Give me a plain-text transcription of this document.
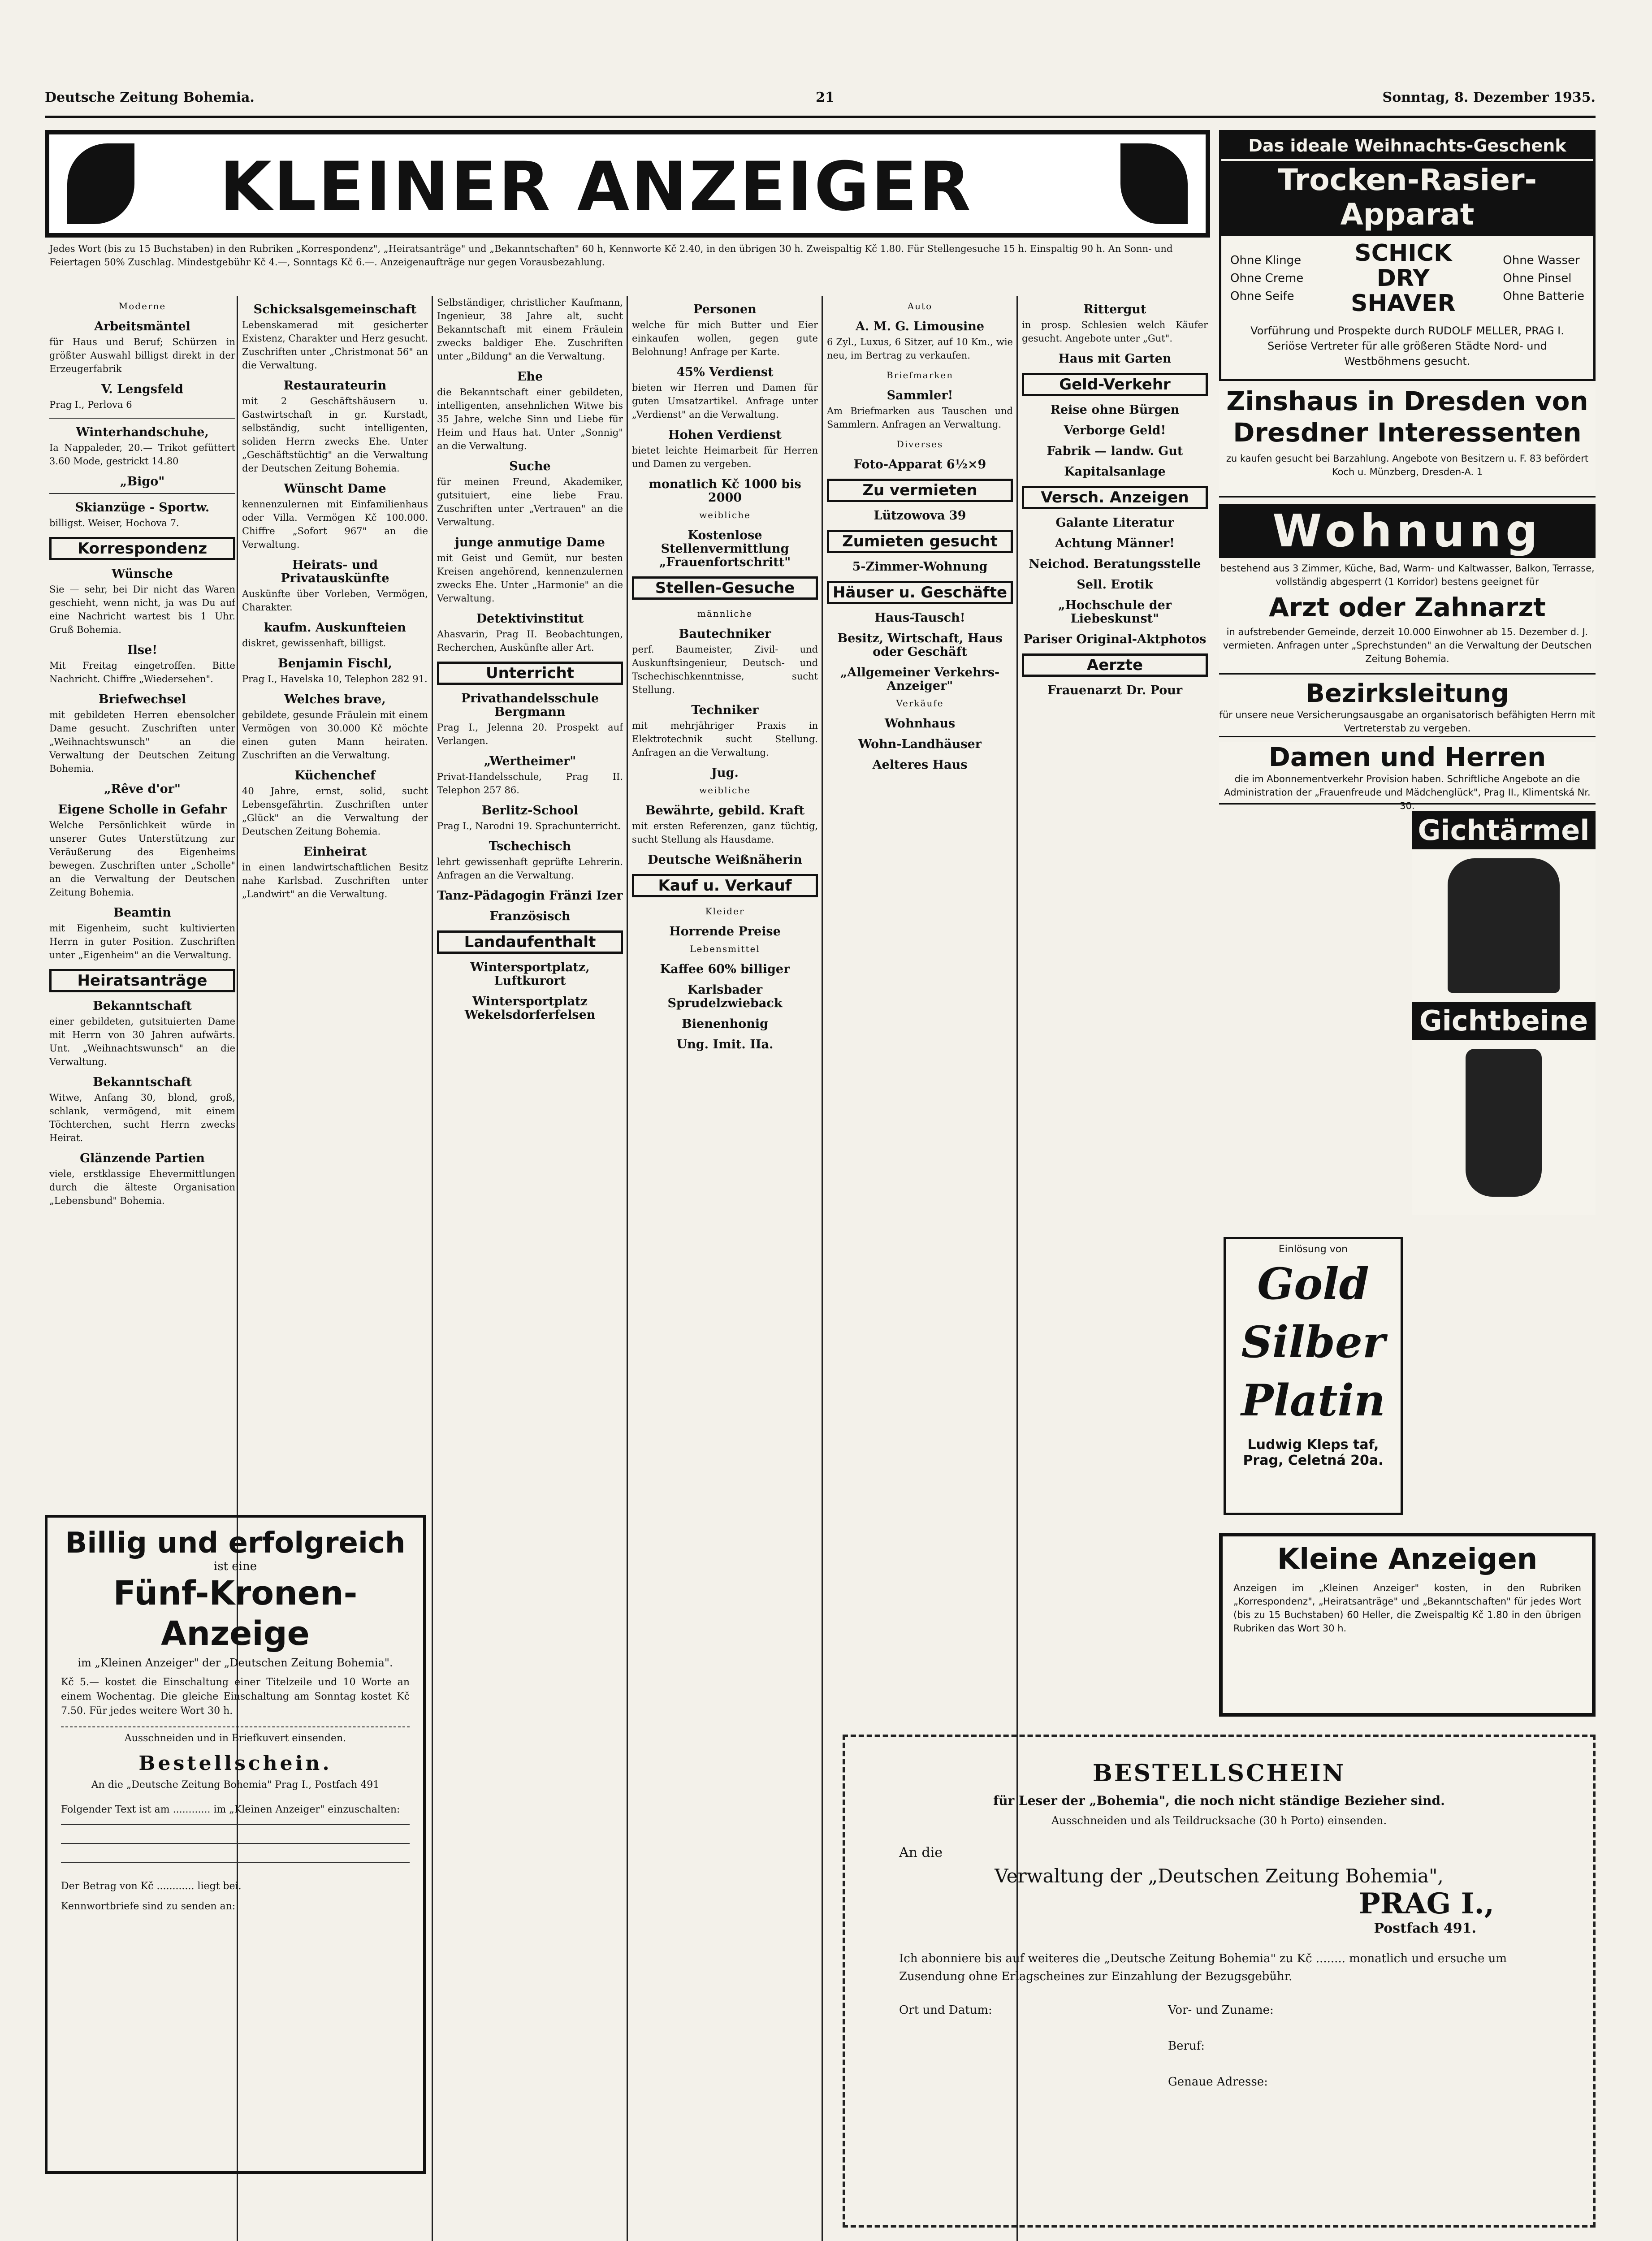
Deutsche Zeitung Bohemia.	21	Sonntag, 8. Dezember 1935.
KLEINER ANZEIGER
Jedes Wort (bis zu 15 Buchstaben) in den Rubriken „Korrespondenz", „Heiratsanträge" und „Bekanntschaften" 60 h, Kennworte Kč 2.40, in den übrigen 30 h. Zweispaltig Kč 1.80. Für Stellengesuche 15 h. Einspaltig 90 h. An Sonn- und Feiertagen 50% Zuschlag. Mindestgebühr Kč 4.—, Sonntags Kč 6.—. Anzeigenaufträge nur gegen Vorausbezahlung.
Moderne
Arbeitsmäntel

für Haus und Beruf; Schürzen in größter Auswahl billigst direkt in der Erzeugerfabrik

V. Lengsfeld

Prag I., Perlova 6

Winterhandschuhe,

Ia Nappaleder, 20.— Trikot gefüttert 3.60 Mode, gestrickt 14.80

„Bigo"
Skianzüge - Sportw.

billigst. Weiser, Hochova 7.

Korrespondenz
Wünsche

Sie — sehr, bei Dir nicht das Waren geschieht, wenn nicht, ja was Du auf eine Nachricht wartest bis 1 Uhr. Gruß Bohemia.

Ilse!

Mit Freitag eingetroffen. Bitte Nachricht. Chiffre „Wiedersehen".

Briefwechsel

mit gebildeten Herren ebensolcher Dame gesucht. Zuschriften unter „Weihnachtswunsch" an die Verwaltung der Deutschen Zeitung Bohemia.

„Rêve d'or"
Eigene Scholle in Gefahr

Welche Persönlichkeit würde in unserer Gutes Unterstützung zur Veräußerung des Eigenheims bewegen. Zuschriften unter „Scholle" an die Verwaltung der Deutschen Zeitung Bohemia.

Beamtin

mit Eigenheim, sucht kultivierten Herrn in guter Position. Zuschriften unter „Eigenheim" an die Verwaltung.

Heiratsanträge
Bekanntschaft

einer gebildeten, gutsituierten Dame mit Herrn von 30 Jahren aufwärts. Unt. „Weihnachtswunsch" an die Verwaltung.

Bekanntschaft

Witwe, Anfang 30, blond, groß, schlank, vermögend, mit einem Töchterchen, sucht Herrn zwecks Heirat.

Glänzende Partien

viele, erstklassige Ehevermittlungen durch die älteste Organisation „Lebensbund" Bohemia.

Schicksalsgemeinschaft

Lebenskamerad mit gesicherter Existenz, Charakter und Herz gesucht. Zuschriften unter „Christmonat 56" an die Verwaltung.

Restaurateurin

mit 2 Geschäftshäusern u. Gastwirtschaft in gr. Kurstadt, selbständig, sucht intelligenten, soliden Herrn zwecks Ehe. Unter „Geschäftstüchtig" an die Verwaltung der Deutschen Zeitung Bohemia.

Wünscht Dame

kennenzulernen mit Einfamilienhaus oder Villa. Vermögen Kč 100.000. Chiffre „Sofort 967" an die Verwaltung.

Heirats- und Privatauskünfte

Auskünfte über Vorleben, Vermögen, Charakter.

kaufm. Auskunfteien

diskret, gewissenhaft, billigst.

Benjamin Fischl,

Prag I., Havelska 10, Telephon 282 91.

Welches brave,

gebildete, gesunde Fräulein mit einem Vermögen von 30.000 Kč möchte einen guten Mann heiraten. Zuschriften an die Verwaltung.

Küchenchef

40 Jahre, ernst, solid, sucht Lebensgefährtin. Zuschriften unter „Glück" an die Verwaltung der Deutschen Zeitung Bohemia.

Einheirat

in einen landwirtschaftlichen Besitz nahe Karlsbad. Zuschriften unter „Landwirt" an die Verwaltung.

Selbständiger, christlicher Kaufmann, Ingenieur, 38 Jahre alt, sucht Bekanntschaft mit einem Fräulein zwecks baldiger Ehe. Zuschriften unter „Bildung" an die Verwaltung.

Ehe

die Bekanntschaft einer gebildeten, intelligenten, ansehnlichen Witwe bis 35 Jahre, welche Sinn und Liebe für Heim und Haus hat. Unter „Sonnig" an die Verwaltung.

Suche

für meinen Freund, Akademiker, gutsituiert, eine liebe Frau. Zuschriften unter „Vertrauen" an die Verwaltung.

junge anmutige Dame

mit Geist und Gemüt, nur besten Kreisen angehörend, kennenzulernen zwecks Ehe. Unter „Harmonie" an die Verwaltung.

Detektivinstitut

Ahasvarin, Prag II. Beobachtungen, Recherchen, Auskünfte aller Art.

Unterricht
Privathandelsschule Bergmann

Prag I., Jelenna 20. Prospekt auf Verlangen.

„Wertheimer"

Privat-Handelsschule, Prag II. Telephon 257 86.

Berlitz-School

Prag I., Narodni 19. Sprachunterricht.

Tschechisch

lehrt gewissenhaft geprüfte Lehrerin. Anfragen an die Verwaltung.

Tanz-Pädagogin Fränzi Izer
Französisch
Landaufenthalt
Wintersportplatz, Luftkurort
Wintersportplatz Wekelsdorferfelsen
Personen

welche für mich Butter und Eier einkaufen wollen, gegen gute Belohnung! Anfrage per Karte.

45% Verdienst

bieten wir Herren und Damen für guten Umsatzartikel. Anfrage unter „Verdienst" an die Verwaltung.

Hohen Verdienst

bietet leichte Heimarbeit für Herren und Damen zu vergeben.

monatlich Kč 1000 bis 2000
weibliche
Kostenlose Stellenvermittlung „Frauenfortschritt"
Stellen-Gesuche
männliche
Bautechniker

perf. Baumeister, Zivil- und Auskunftsingenieur, Deutsch- und Tschechischkenntnisse, sucht Stellung.

Techniker

mit mehrjähriger Praxis in Elektrotechnik sucht Stellung. Anfragen an die Verwaltung.

Jug.
weibliche
Bewährte, gebild. Kraft

mit ersten Referenzen, ganz tüchtig, sucht Stellung als Hausdame.

Deutsche Weißnäherin
Kauf u. Verkauf
Kleider
Horrende Preise
Lebensmittel
Kaffee 60% billiger
Karlsbader Sprudelzwieback
Bienenhonig
Ung. Imit. IIa.
Auto
A. M. G. Limousine

6 Zyl., Luxus, 6 Sitzer, auf 10 Km., wie neu, im Bertrag zu verkaufen.

Briefmarken
Sammler!

Am Briefmarken aus Tauschen und Sammlern. Anfragen an Verwaltung.

Diverses
Foto-Apparat 6½×9
Zu vermieten
Lützowova 39
Zumieten gesucht
5-Zimmer-Wohnung
Häuser u. Geschäfte
Haus-Tausch!
Besitz, Wirtschaft, Haus oder Geschäft
„Allgemeiner Verkehrs-Anzeiger"
Verkäufe
Wohnhaus
Wohn-Landhäuser
Aelteres Haus
Rittergut

in prosp. Schlesien welch Käufer gesucht. Angebote unter „Gut".

Haus mit Garten
Geld-Verkehr
Reise ohne Bürgen
Verborge Geld!
Fabrik — landw. Gut
Kapitalsanlage
Versch. Anzeigen
Galante Literatur
Achtung Männer!
Neichod. Beratungsstelle
Sell. Erotik
„Hochschule der Liebeskunst"
Pariser Original-Aktphotos
Aerzte
Frauenarzt Dr. Pour
Billig und erfolgreich
ist eine
Fünf-Kronen-Anzeige
im „Kleinen Anzeiger" der „Deutschen Zeitung Bohemia".
Kč 5.— kostet die Einschaltung einer Titelzeile und 10 Worte an einem Wochentag. Die gleiche Einschaltung am Sonntag kostet Kč 7.50. Für jedes weitere Wort 30 h.
Ausschneiden und in Briefkuvert einsenden.
Bestellschein.
An die „Deutsche Zeitung Bohemia" Prag I., Postfach 491
Folgender Text ist am ............ im „Kleinen Anzeiger" einzuschalten:
Der Betrag von Kč ............ liegt bei.
Kennwortbriefe sind zu senden an:
Das ideale Weihnachts-Geschenk
Trocken-Rasier-Apparat
Ohne Klinge
Ohne Creme
Ohne Seife
SCHICK DRY SHAVER
Ohne Wasser
Ohne Pinsel
Ohne Batterie
Vorführung und Prospekte durch RUDOLF MELLER, PRAG I. Seriöse Vertreter für alle größeren Städte Nord- und Westböhmens gesucht.
Zinshaus in Dresden von Dresdner Interessenten
zu kaufen gesucht bei Barzahlung. Angebote von Besitzern u. F. 83 befördert Koch u. Münzberg, Dresden-A. 1
Wohnung
bestehend aus 3 Zimmer, Küche, Bad, Warm- und Kaltwasser, Balkon, Terrasse, vollständig abgesperrt (1 Korridor) bestens geeignet für
Arzt oder Zahnarzt
in aufstrebender Gemeinde, derzeit 10.000 Einwohner ab 15. Dezember d. J. vermieten. Anfragen unter „Sprechstunden" an die Verwaltung der Deutschen Zeitung Bohemia.
Bezirksleitung
für unsere neue Versicherungsausgabe an organisatorisch befähigten Herrn mit Vertreterstab zu vergeben.
Damen und Herren
die im Abonnementverkehr Provision haben. Schriftliche Angebote an die Administration der „Frauenfreude und Mädchenglück", Prag II., Klimentská Nr. 30.
Gichtärmel
Gichtbeine
Einlösung von
Gold
Silber
Platin
Ludwig Kleps taf, Prag, Celetná 20a.
Kleine Anzeigen
Anzeigen im „Kleinen Anzeiger" kosten, in den Rubriken „Korrespondenz", „Heiratsanträge" und „Bekanntschaften" für jedes Wort (bis zu 15 Buchstaben) 60 Heller, die Zweispaltig Kč 1.80 in den übrigen Rubriken das Wort 30 h.
BESTELLSCHEIN
für Leser der „Bohemia", die noch nicht ständige Bezieher sind.
Ausschneiden und als Teildrucksache (30 h Porto) einsenden.
An die
Verwaltung der „Deutschen Zeitung Bohemia",
PRAG I.,
Postfach 491.
Ich abonniere bis auf weiteres die „Deutsche Zeitung Bohemia" zu Kč ........ monatlich und ersuche um Zusendung ohne Erlagscheines zur Einzahlung der Bezugsgebühr.
Ort und Datum:	Vor- und Zuname:
Beruf:
Genaue Adresse:
